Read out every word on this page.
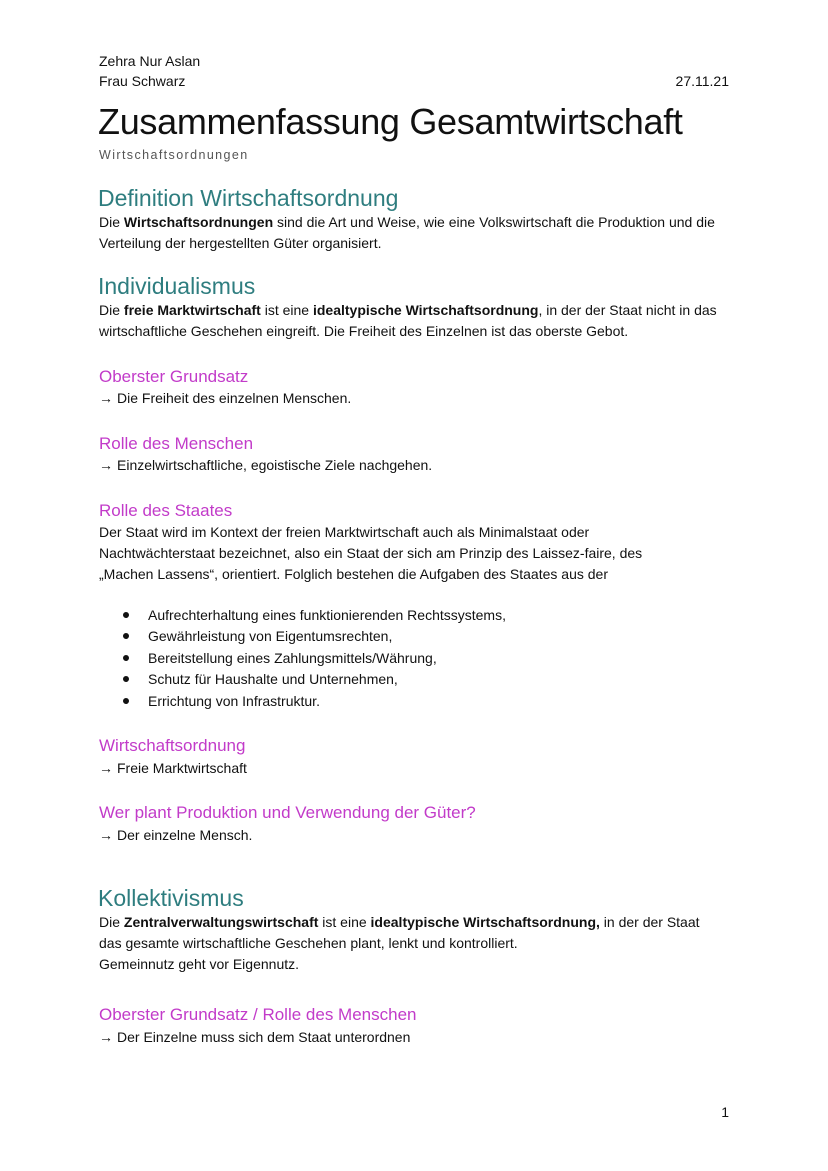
Zehra Nur Aslan
Frau Schwarz	27.11.21
Zusammenfassung Gesamtwirtschaft
Wirtschaftsordnungen
Definition Wirtschaftsordnung
Die Wirtschaftsordnungen sind die Art und Weise, wie eine Volkswirtschaft die Produktion und die Verteilung der hergestellten Güter organisiert.
Individualismus
Die freie Marktwirtschaft ist eine idealtypische Wirtschaftsordnung, in der der Staat nicht in das wirtschaftliche Geschehen eingreift. Die Freiheit des Einzelnen ist das oberste Gebot.
Oberster Grundsatz
→ Die Freiheit des einzelnen Menschen.
Rolle des Menschen
→ Einzelwirtschaftliche, egoistische Ziele nachgehen.
Rolle des Staates
Der Staat wird im Kontext der freien Marktwirtschaft auch als Minimalstaat oder Nachtwächterstaat bezeichnet, also ein Staat der sich am Prinzip des Laissez-faire, des „Machen Lassens“, orientiert. Folglich bestehen die Aufgaben des Staates aus der
Aufrechterhaltung eines funktionierenden Rechtssystems,
Gewährleistung von Eigentumsrechten,
Bereitstellung eines Zahlungsmittels/Währung,
Schutz für Haushalte und Unternehmen,
Errichtung von Infrastruktur.
Wirtschaftsordnung
→ Freie Marktwirtschaft
Wer plant Produktion und Verwendung der Güter?
→ Der einzelne Mensch.
Kollektivismus
Die Zentralverwaltungswirtschaft ist eine idealtypische Wirtschaftsordnung, in der der Staat das gesamte wirtschaftliche Geschehen plant, lenkt und kontrolliert.
Gemeinnutz geht vor Eigennutz.
Oberster Grundsatz / Rolle des Menschen
→ Der Einzelne muss sich dem Staat unterordnen
1
